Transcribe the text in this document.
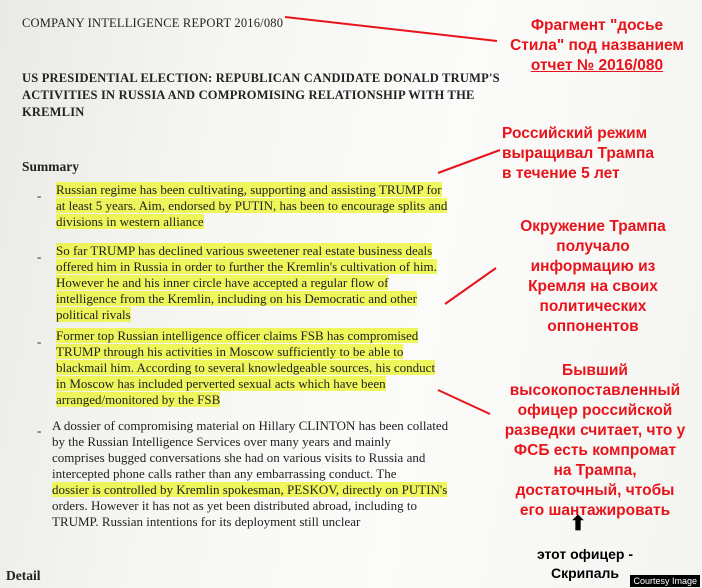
COMPANY INTELLIGENCE REPORT 2016/080
US PRESIDENTIAL ELECTION: REPUBLICAN CANDIDATE DONALD TRUMP'S
ACTIVITIES IN RUSSIA AND COMPROMISING RELATIONSHIP WITH THE
KREMLIN
Summary
- Russian regime has been cultivating, supporting and assisting TRUMP for
at least 5 years. Aim, endorsed by PUTIN, has been to encourage splits and
divisions in western alliance
- So far TRUMP has declined various sweetener real estate business deals
offered him in Russia in order to further the Kremlin's cultivation of him.
However he and his inner circle have accepted a regular flow of
intelligence from the Kremlin, including on his Democratic and other
political rivals
- Former top Russian intelligence officer claims FSB has compromised
TRUMP through his activities in Moscow sufficiently to be able to
blackmail him. According to several knowledgeable sources, his conduct
in Moscow has included perverted sexual acts which have been
arranged/monitored by the FSB
- A dossier of compromising material on Hillary CLINTON has been collated
by the Russian Intelligence Services over many years and mainly
comprises bugged conversations she had on various visits to Russia and
intercepted phone calls rather than any embarrassing conduct. The
dossier is controlled by Kremlin spokesman, PESKOV, directly on PUTIN's
orders. However it has not as yet been distributed abroad, including to
TRUMP. Russian intentions for its deployment still unclear
Detail
Фрагмент "досье
Стила" под названием
отчет № 2016/080
Российский режим
выращивал Трампа
в течение 5 лет
Окружение Трампа
получало
информацию из
Кремля на своих
политических
оппонентов
Бывший
высокопоставленный
офицер российской
разведки считает, что у
ФСБ есть компромат
на Трампа,
достаточный, чтобы
его шантажировать
⬆
этот офицер -
Скрипаль	Courtesy Image
